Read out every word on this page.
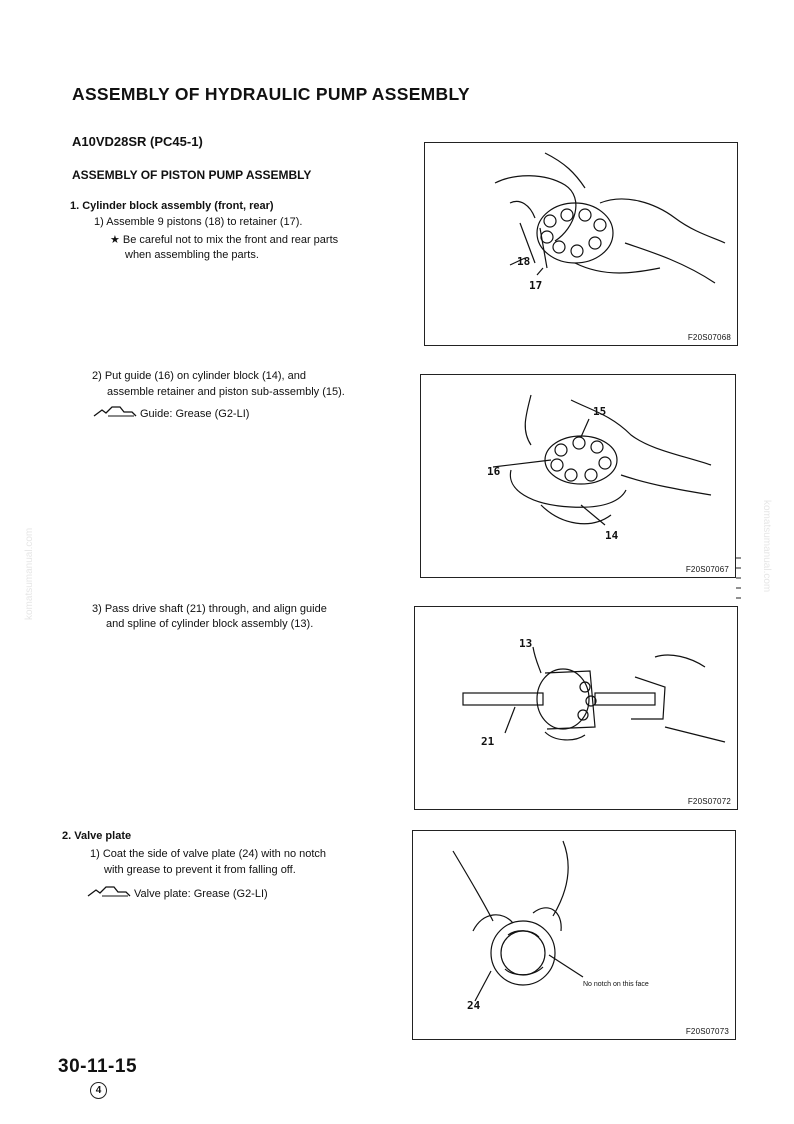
komatsumanual.com	komatsumanual.com
ASSEMBLY OF HYDRAULIC PUMP ASSEMBLY
A10VD28SR (PC45-1)
ASSEMBLY OF PISTON PUMP ASSEMBLY
1. Cylinder block assembly (front, rear)
1) Assemble 9 pistons (18) to retainer (17).
★ Be careful not to mix the front and rear parts
when assembling the parts.
2) Put guide (16) on cylinder block (14), and
assemble retainer and piston sub-assembly (15).
Guide: Grease (G2-LI)
3) Pass drive shaft (21) through, and align guide
and spline of cylinder block assembly (13).
2. Valve plate
1) Coat the side of valve plate (24) with no notch
with grease to prevent it from falling off.
Valve plate: Grease (G2-LI)
18
17
F20S07068
15
16
14
F20S07067
13
21
F20S07072
No notch on this face
24
F20S07073
30-11-15
4
